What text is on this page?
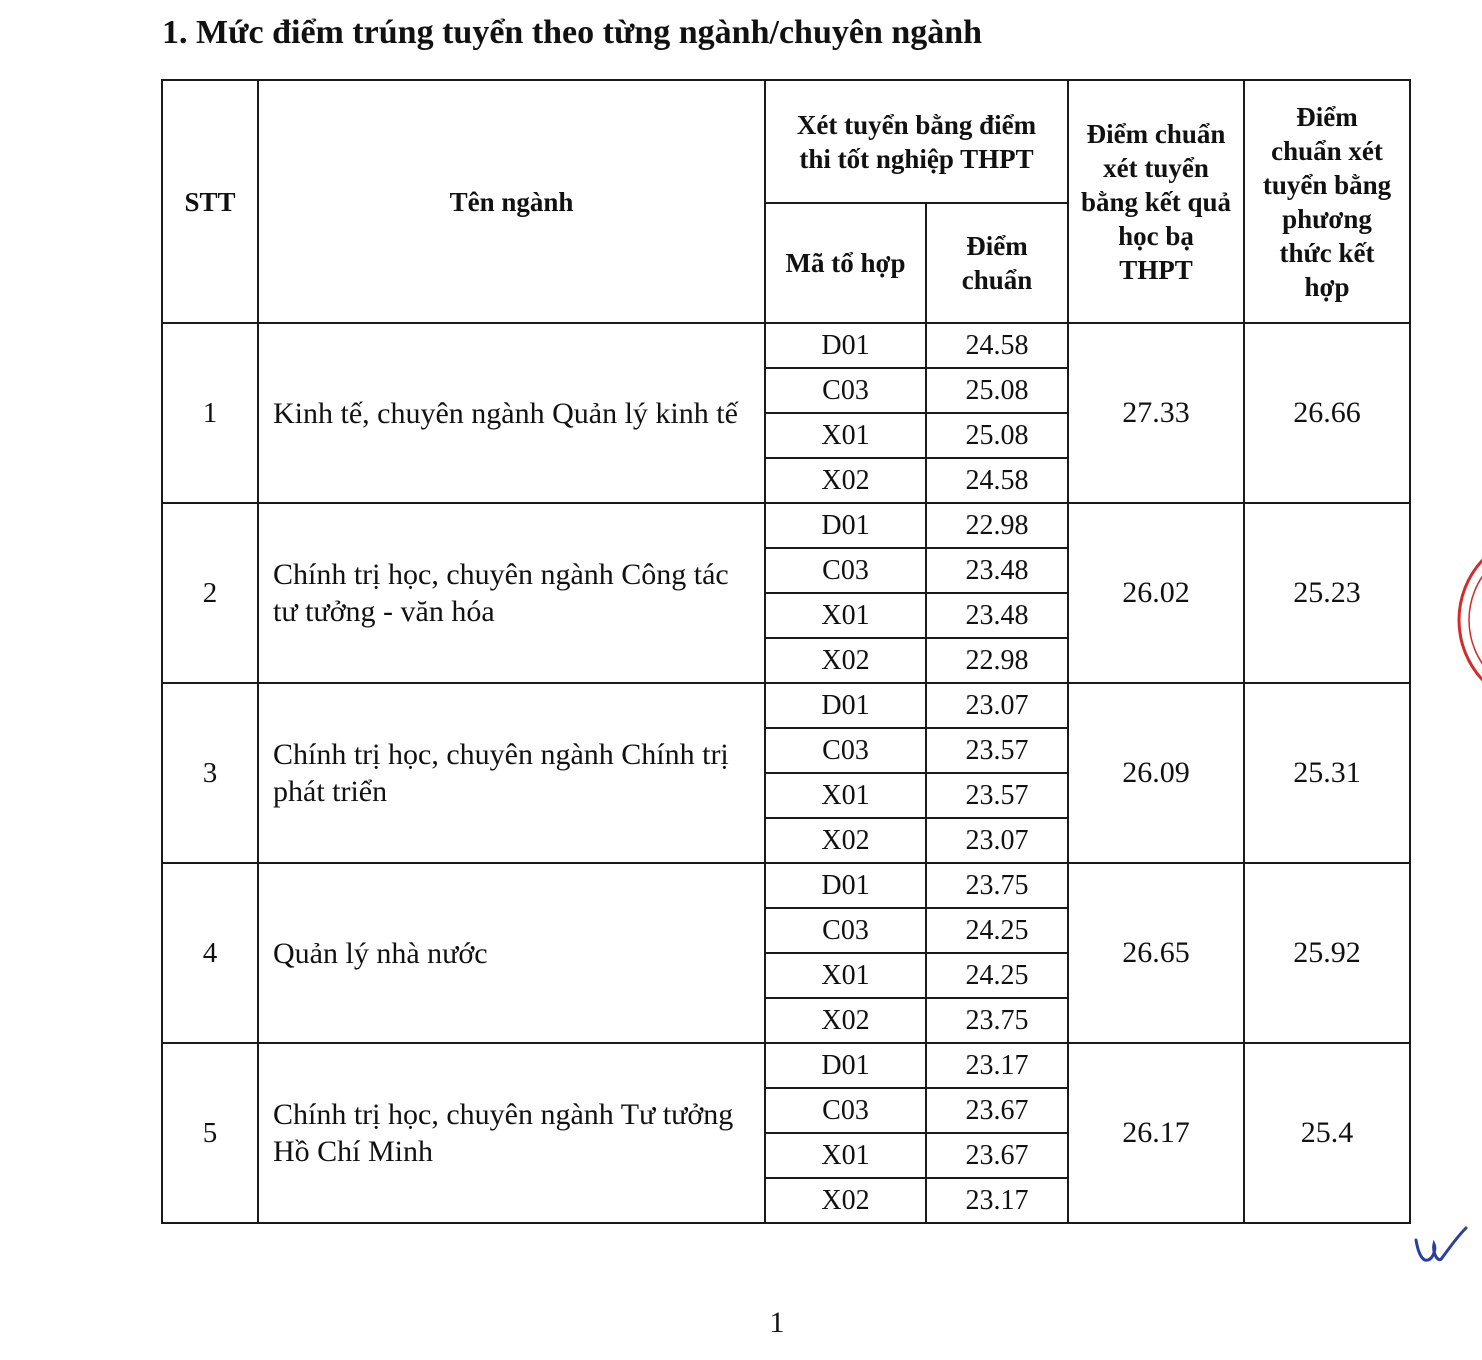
1. Mức điểm trúng tuyển theo từng ngành/chuyên ngành
STT	Tên ngành	Xét tuyển bằng điểm thi tốt nghiệp THPT		Điểm chuẩn xét tuyển bằng kết quả học bạ THPT	Điểm chuẩn xét tuyển bằng phương thức kết hợp
		Mã tổ hợp	Điểm chuẩn		
1	Kinh tế, chuyên ngành Quản lý kinh tế	D01	24.58	27.33	26.66
		C03	25.08		
		X01	25.08		
		X02	24.58		
2	Chính trị học, chuyên ngành Công tác tư tưởng - văn hóa	D01	22.98	26.02	25.23
		C03	23.48		
		X01	23.48		
		X02	22.98		
3	Chính trị học, chuyên ngành Chính trị phát triển	D01	23.07	26.09	25.31
		C03	23.57		
		X01	23.57		
		X02	23.07		
4	Quản lý nhà nước	D01	23.75	26.65	25.92
		C03	24.25		
		X01	24.25		
		X02	23.75		
5	Chính trị học, chuyên ngành Tư tưởng Hồ Chí Minh	D01	23.17	26.17	25.4
		C03	23.67		
		X01	23.67		
		X02	23.17		
1
